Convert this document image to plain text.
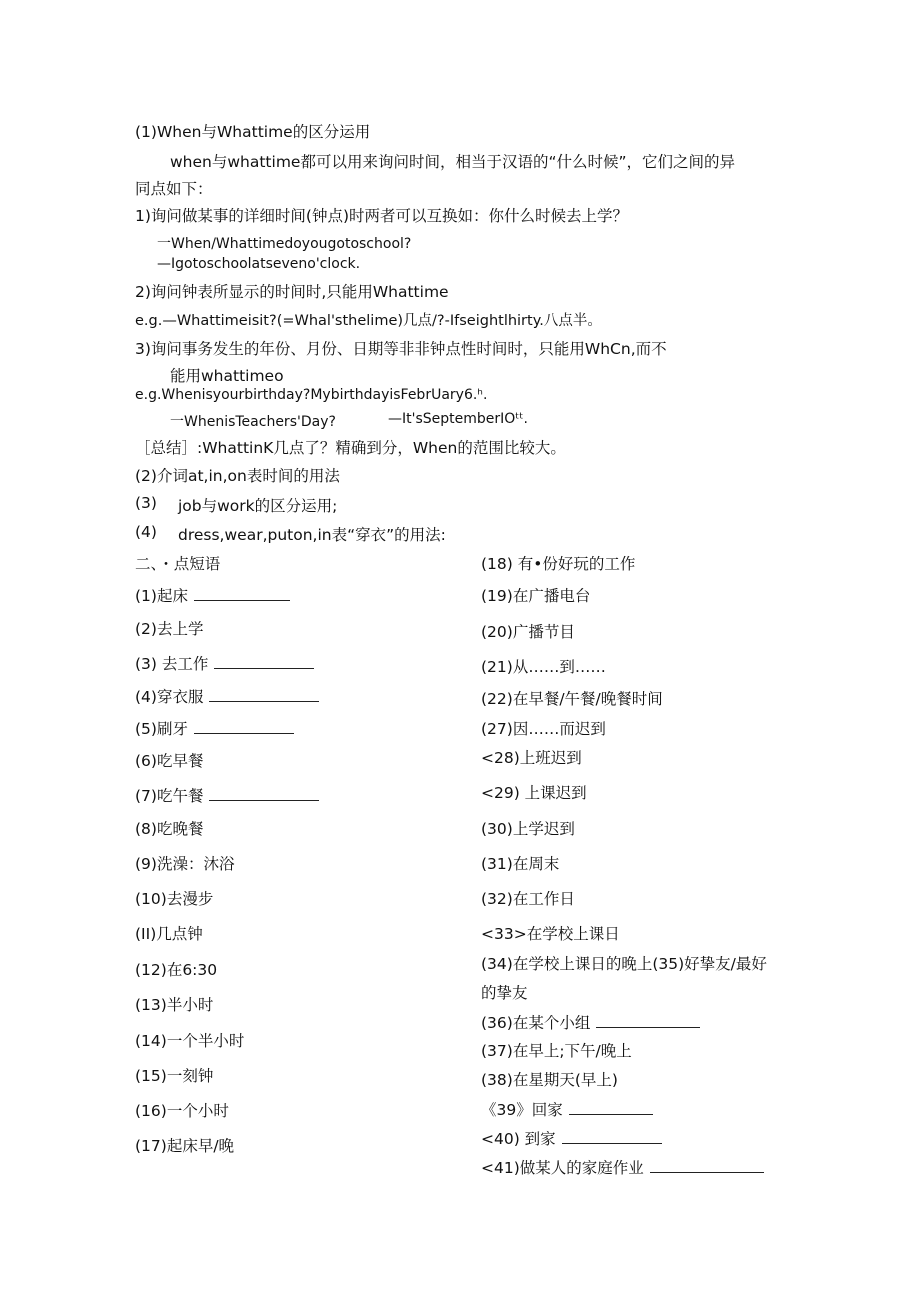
(1)When与Whattime的区分运用
when与whattime都可以用来询问时间，相当于汉语的“什么时候”，它们之间的异
同点如下：
1)询问做某事的详细时间(钟点)时两者可以互换如：你什么时候去上学？
一When/Whattimedoyougotoschool?
—Igotoschoolatseveno'clock.
2)询问钟表所显示的时间时,只能用Whattime
e.g.—Whattimeisit?(=Whal'sthelime)几点/?-Ifseightlhirty.八点半。
3)询问事务发生的年份、月份、日期等非非钟点性时间时，只能用WhCn,而不
能用whattimeo
e.g.Whenisyourbirthday?MybirthdayisFebrUary6.ʰ.
一WhenisTeachers'Day?	—It'sSeptemberIOᵗᵗ.
［总结］:WhattinK几点了？精确到分，When的范围比较大。
(2)介词at,in,on表时间的用法
(3) job与work的区分运用;
(4) dress,wear,puton,in表“穿衣”的用法:
二、・点短语
(1)起床
(2)去上学
(3) 去工作
(4)穿衣服
(5)刷牙
(6)吃早餐
(7)吃午餐
(8)吃晚餐
(9)洗澡：沐浴
(10)去漫步
(II)几点钟
(12)在6:30
(13)半小时
(14)一个半小时
(15)一刻钟
(16)一个小时
(17)起床早/晚
(18) 有•份好玩的工作
(19)在广播电台
(20)广播节目
(21)从……到……
(22)在早餐/午餐/晚餐时间
(27)因……而迟到
<28)上班迟到
<29) 上课迟到
(30)上学迟到
(31)在周末
(32)在工作日
<33>在学校上课日
(34)在学校上课日的晚上(35)好挚友/最好
的挚友
(36)在某个小组
(37)在早上;下午/晚上
(38)在星期天(早上)
《39》回家
<40) 到家
<41)做某人的家庭作业
